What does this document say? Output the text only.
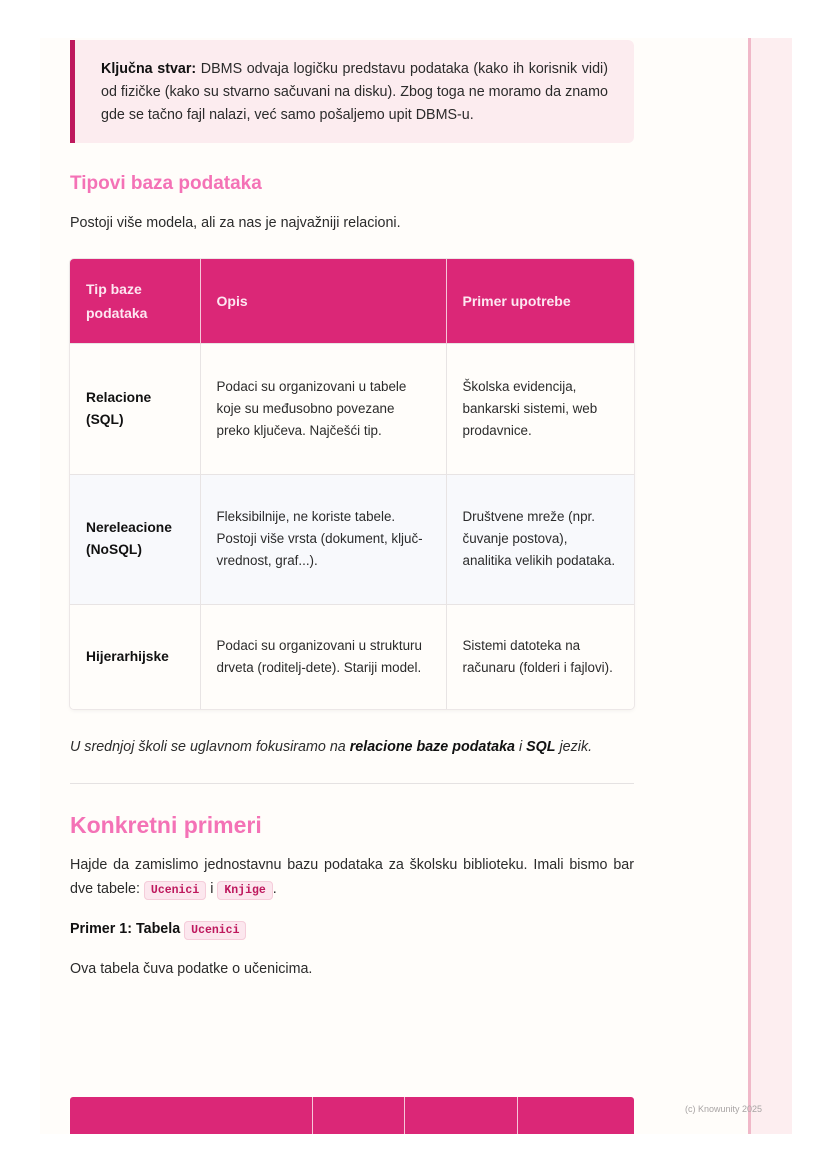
Ključna stvar: DBMS odvaja logičku predstavu podataka (kako ih korisnik vidi) od fizičke (kako su stvarno sačuvani na disku). Zbog toga ne moramo da znamo gde se tačno fajl nalazi, već samo pošaljemo upit DBMS-u.
Tipovi baza podataka

Postoji više modela, ali za nas je najvažniji relacioni.

Tip baze podataka	Opis	Primer upotrebe
Relacione (SQL)	Podaci su organizovani u tabele koje su međusobno povezane preko ključeva. Najčešći tip.	Školska evidencija, bankarski sistemi, web prodavnice.
Nereleacione (NoSQL)	Fleksibilnije, ne koriste tabele. Postoji više vrsta (dokument, ključ-vrednost, graf...).	Društvene mreže (npr. čuvanje postova), analitika velikih podataka.
Hijerarhijske	Podaci su organizovani u strukturu drveta (roditelj-dete). Stariji model.	Sistemi datoteka na računaru (folderi i fajlovi).

U srednjoj školi se uglavnom fokusiramo na relacione baze podataka i SQL jezik.

Konkretni primeri

Hajde da zamislimo jednostavnu bazu podataka za školsku biblioteku. Imali bismo bar dve tabele: Ucenici i Knjige .

Primer 1: Tabela Ucenici

Ova tabela čuva podatke o učenicima.

(c) Knowunity 2025
